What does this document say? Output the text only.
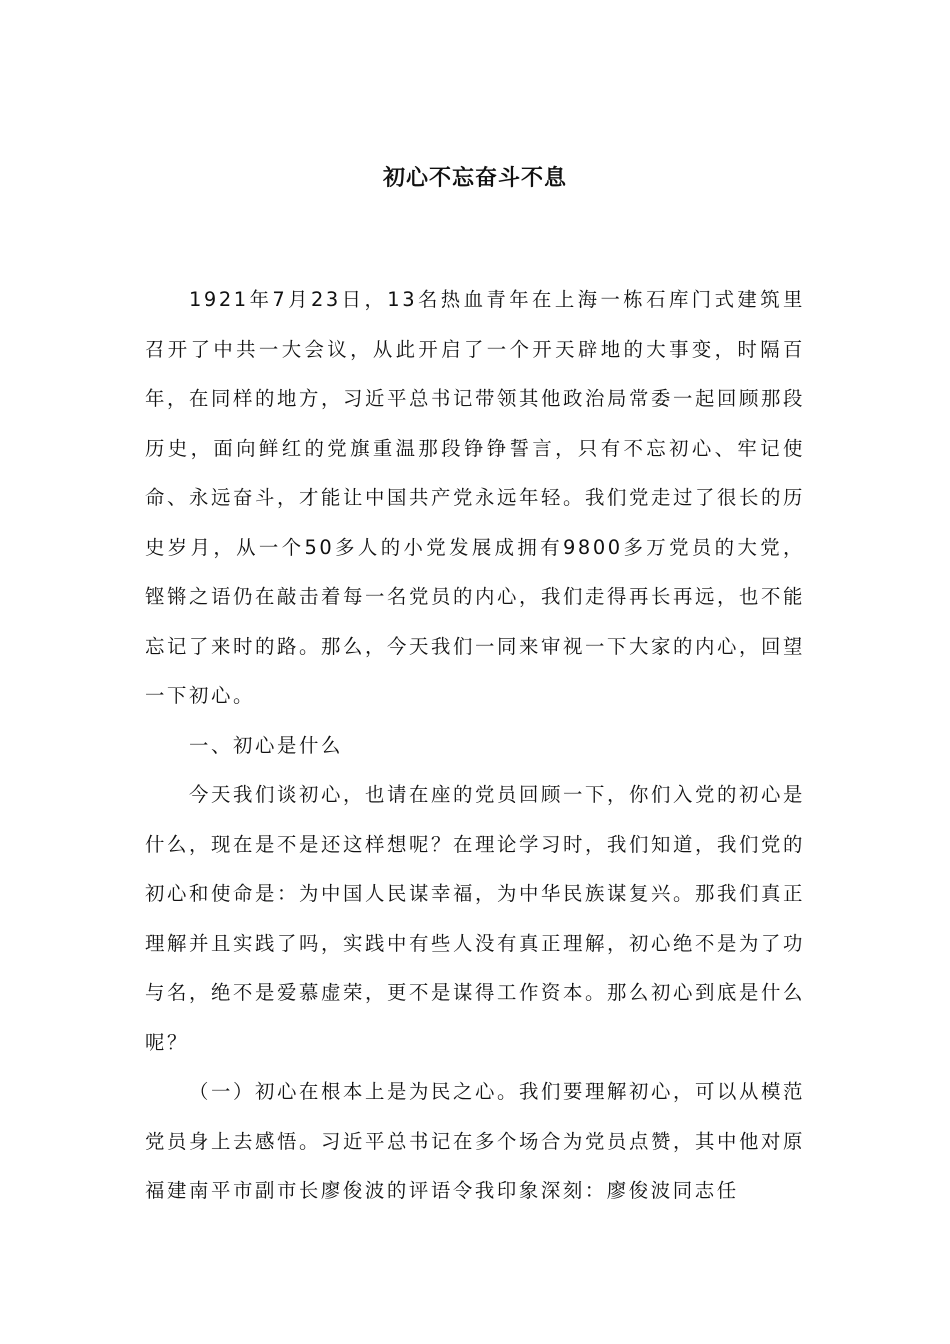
初心不忘奋斗不息

1921年7月23日，13名热血青年在上海一栋石库门式建筑里召开了中共一大会议，从此开启了一个开天辟地的大事变，时隔百年，在同样的地方，习近平总书记带领其他政治局常委一起回顾那段历史，面向鲜红的党旗重温那段铮铮誓言，只有不忘初心、牢记使命、永远奋斗，才能让中国共产党永远年轻。我们党走过了很长的历史岁月，从一个50多人的小党发展成拥有9800多万党员的大党，铿锵之语仍在敲击着每一名党员的内心，我们走得再长再远，也不能忘记了来时的路。那么，今天我们一同来审视一下大家的内心，回望一下初心。

一、初心是什么

今天我们谈初心，也请在座的党员回顾一下，你们入党的初心是什么，现在是不是还这样想呢？在理论学习时，我们知道，我们党的初心和使命是：为中国人民谋幸福，为中华民族谋复兴。那我们真正理解并且实践了吗，实践中有些人没有真正理解，初心绝不是为了功与名，绝不是爱慕虚荣，更不是谋得工作资本。那么初心到底是什么呢？

（一）初心在根本上是为民之心。我们要理解初心，可以从模范党员身上去感悟。习近平总书记在多个场合为党员点赞，其中他对原福建南平市副市长廖俊波的评语令我印象深刻：廖俊波同志任
